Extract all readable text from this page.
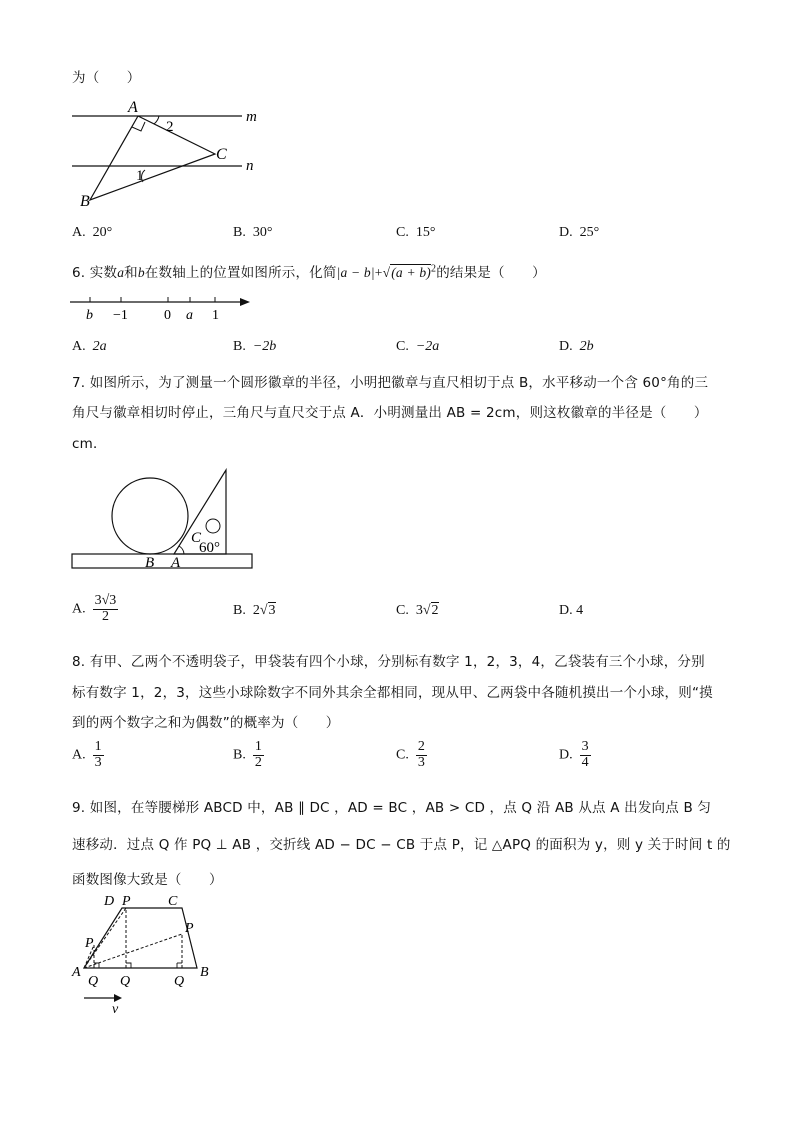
为（　　）
A
B
C
m
n
1
2
A. 20°	B. 30°	C. 15°	D. 25°
6. 实数a和b在数轴上的位置如图所示，化简$|a - b|+√(a + b)^2$的结果是（　　）
b −1	0 a 1
A. 2a	B. −2b	C. −2a	D. 2b
7. 如图所示，为了测量一个圆形徽章的半径，小明把徽章与直尺相切于点 B，水平移动一个含 60°角的三
角尺与徽章相切时停止，三角尺与直尺交于点 A．小明测量出 AB = 2cm，则这枚徽章的半径是（　　）
cm．
B A
C
60°
A. $\frac{3√3}{2}$	B. 2√3	C. 3√2	D. 4
8. 有甲、乙两个不透明袋子，甲袋装有四个小球，分别标有数字 1，2，3，4，乙袋装有三个小球，分别
标有数字 1，2，3，这些小球除数字不同外其余全都相同，现从甲、乙两袋中各随机摸出一个小球，则“摸
到的两个数字之和为偶数”的概率为（　　）
A. $\frac{1}{3}$	B. $\frac{1}{2}$	C. $\frac{2}{3}$	D. $\frac{3}{4}$
9. 如图，在等腰梯形 ABCD 中，AB ∥ DC ，AD = BC ，AB > CD ，点 Q 沿 AB 从点 A 出发向点 B 匀
速移动．过点 Q 作 PQ ⊥ AB ，交折线 AD − DC − CB 于点 P，记 △APQ 的面积为 y，则 y 关于时间 t 的
函数图像大致是（　　）
D P	C
P
P
A	B
Q Q	Q
v
